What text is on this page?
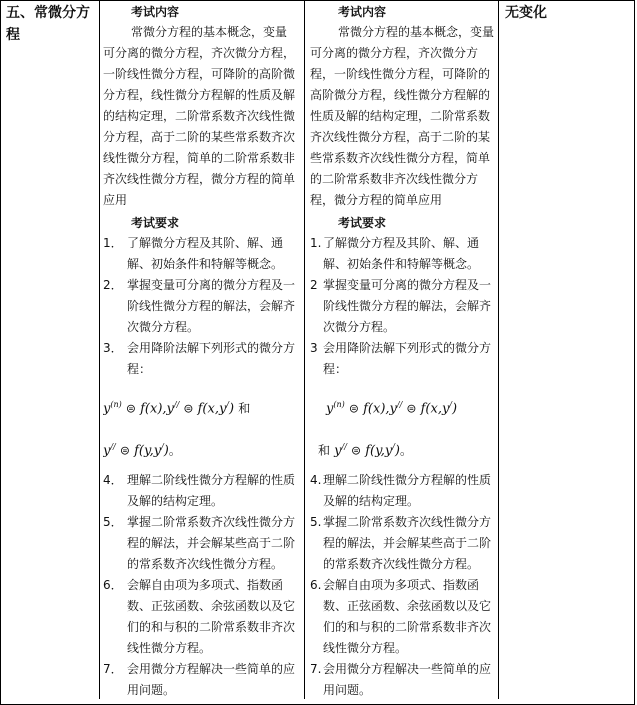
五、常微分方程
考试内容

常微分方程的基本概念，变量可分离的微分方程，齐次微分方程，一阶线性微分方程，可降阶的高阶微分方程，线性微分方程解的性质及解的结构定理，二阶常系数齐次线性微分方程，高于二阶的某些常系数齐次线性微分方程，简单的二阶常系数非齐次线性微分方程，微分方程的简单应用

考试要求
1． 了解微分方程及其阶、解、通解、初始条件和特解等概念。
2． 掌握变量可分离的微分方程及一阶线性微分方程的解法，会解齐次微分方程。
3． 会用降阶法解下列形式的微分方程：
$y^{(n)}$ ⊜ f(x),y// ⊜ f(x,y/) 和
y// ⊜ f(y,y/)。
4． 理解二阶线性微分方程解的性质及解的结构定理。
5． 掌握二阶常系数齐次线性微分方程的解法，并会解某些高于二阶的常系数齐次线性微分方程。
6． 会解自由项为多项式、指数函数、正弦函数、余弦函数以及它们的和与积的二阶常系数非齐次线性微分方程。
7． 会用微分方程解决一些简单的应用问题。
考试内容

常微分方程的基本概念，变量可分离的微分方程，齐次微分方程，一阶线性微分方程，可降阶的高阶微分方程，线性微分方程解的性质及解的结构定理，二阶常系数齐次线性微分方程，高于二阶的某些常系数齐次线性微分方程，简单的二阶常系数非齐次线性微分方程，微分方程的简单应用

考试要求
1. 了解微分方程及其阶、解、通解、初始条件和特解等概念。
2 掌握变量可分离的微分方程及一阶线性微分方程的解法，会解齐次微分方程。
3 会用降阶法解下列形式的微分方程：
$y^{(n)}$ ⊜ f(x),y// ⊜ f(x,y/)
和 y// ⊜ f(y,y/)。
4. 理解二阶线性微分方程解的性质及解的结构定理。
5. 掌握二阶常系数齐次线性微分方程的解法，并会解某些高于二阶的常系数齐次线性微分方程。
6. 会解自由项为多项式、指数函数、正弦函数、余弦函数以及它们的和与积的二阶常系数非齐次线性微分方程。
7. 会用微分方程解决一些简单的应用问题。
无变化
